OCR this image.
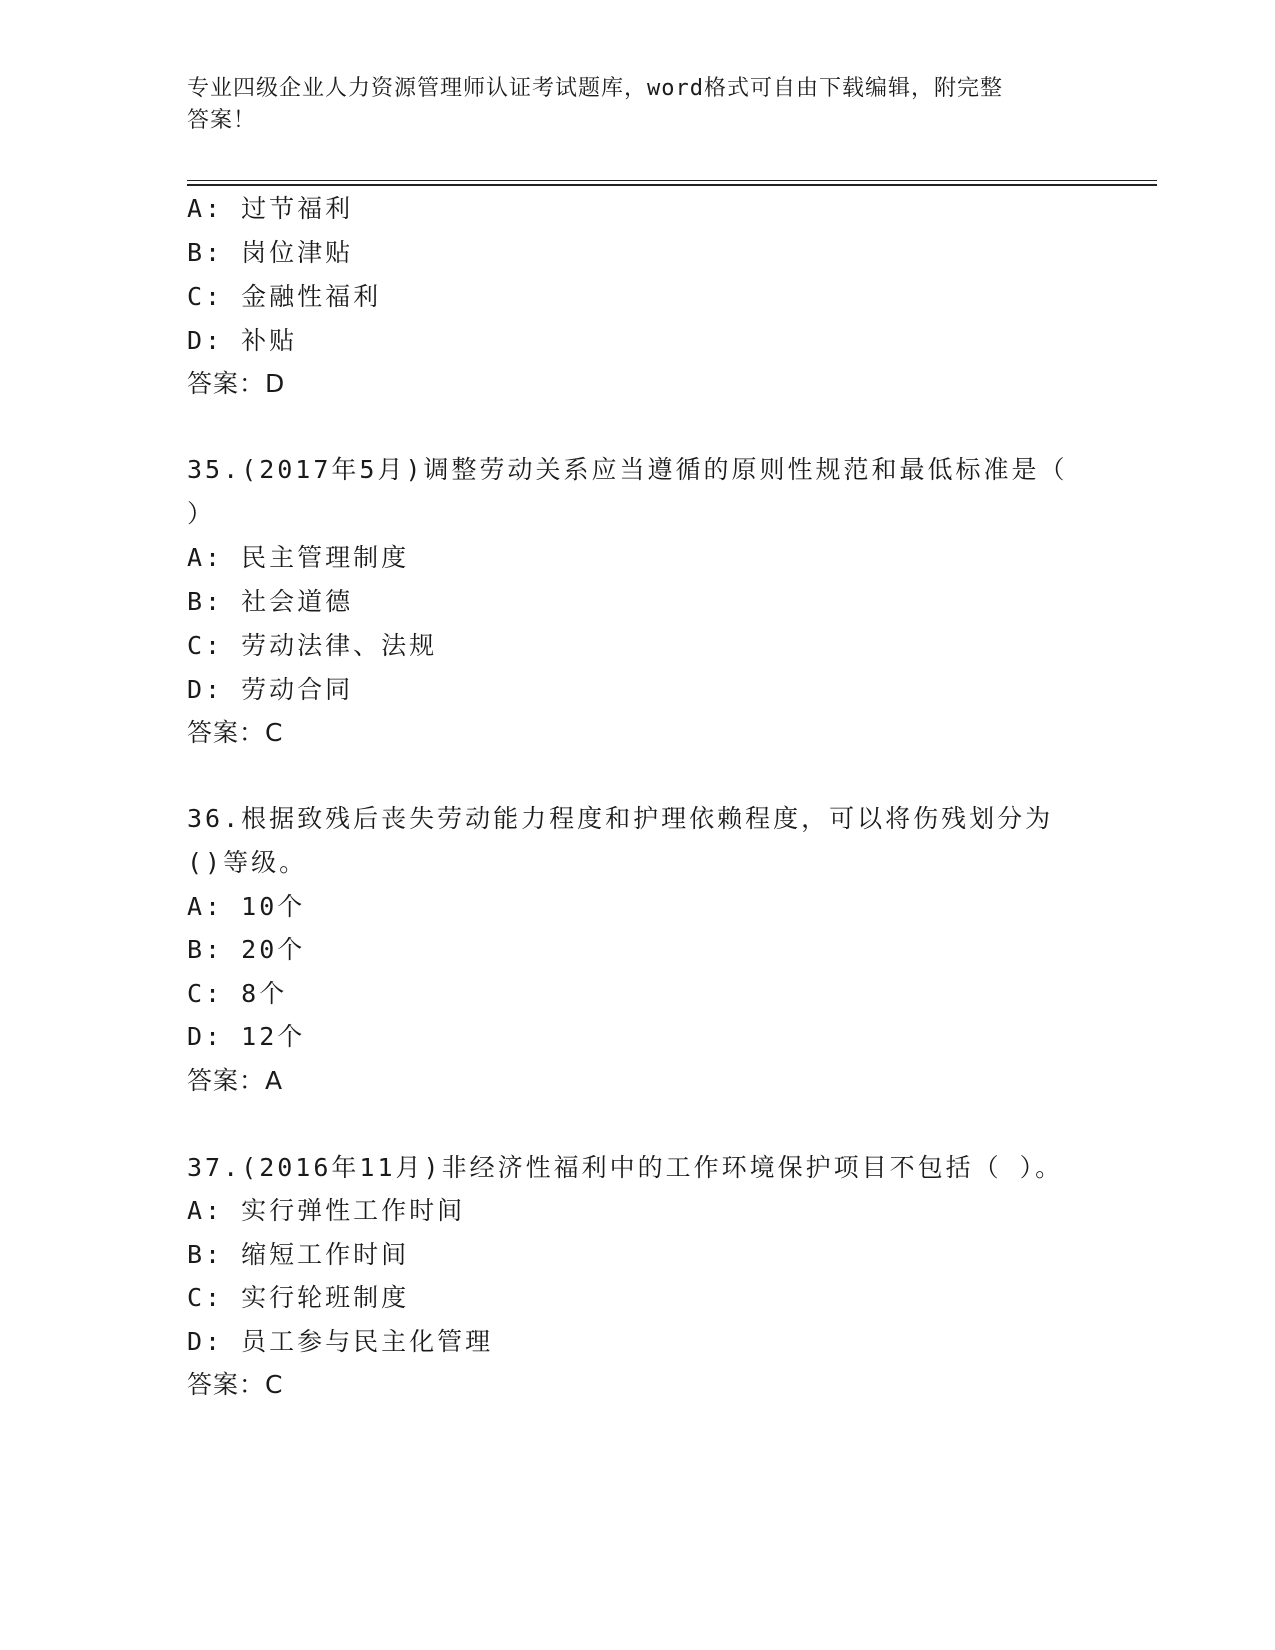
专业四级企业人力资源管理师认证考试题库，word格式可自由下载编辑，附完整
答案！
A: 过节福利
B: 岗位津贴
C: 金融性福利
D: 补贴
答案：D
35.(2017年5月)调整劳动关系应当遵循的原则性规范和最低标准是（
）
A: 民主管理制度
B: 社会道德
C: 劳动法律、法规
D: 劳动合同
答案：C
36.根据致残后丧失劳动能力程度和护理依赖程度，可以将伤残划分为
()等级。
A: 10个
B: 20个
C: 8个
D: 12个
答案：A
37.(2016年11月)非经济性福利中的工作环境保护项目不包括（ ）。
A: 实行弹性工作时间
B: 缩短工作时间
C: 实行轮班制度
D: 员工参与民主化管理
答案：C
